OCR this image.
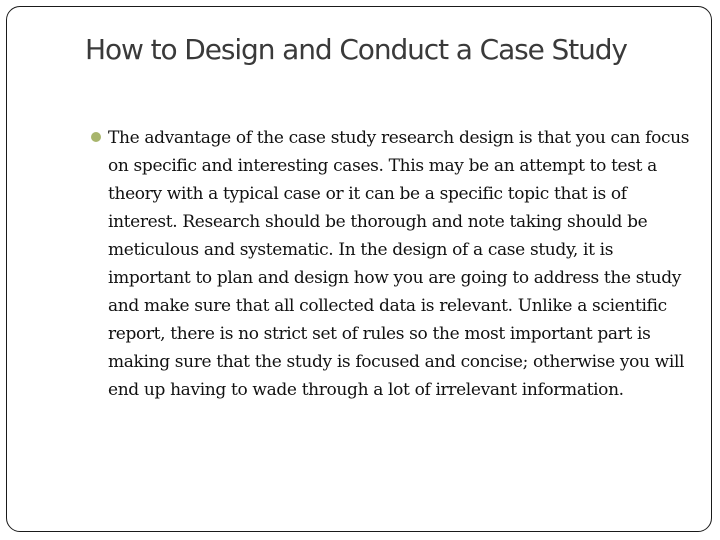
How to Design and Conduct a Case Study
The advantage of the case study research design is that you can focus on specific and interesting cases. This may be an attempt to test a theory with a typical case or it can be a specific topic that is of interest. Research should be thorough and note taking should be meticulous and systematic. In the design of a case study, it is important to plan and design how you are going to address the study and make sure that all collected data is relevant. Unlike a scientific report, there is no strict set of rules so the most important part is making sure that the study is focused and concise; otherwise you will end up having to wade through a lot of irrelevant information.
